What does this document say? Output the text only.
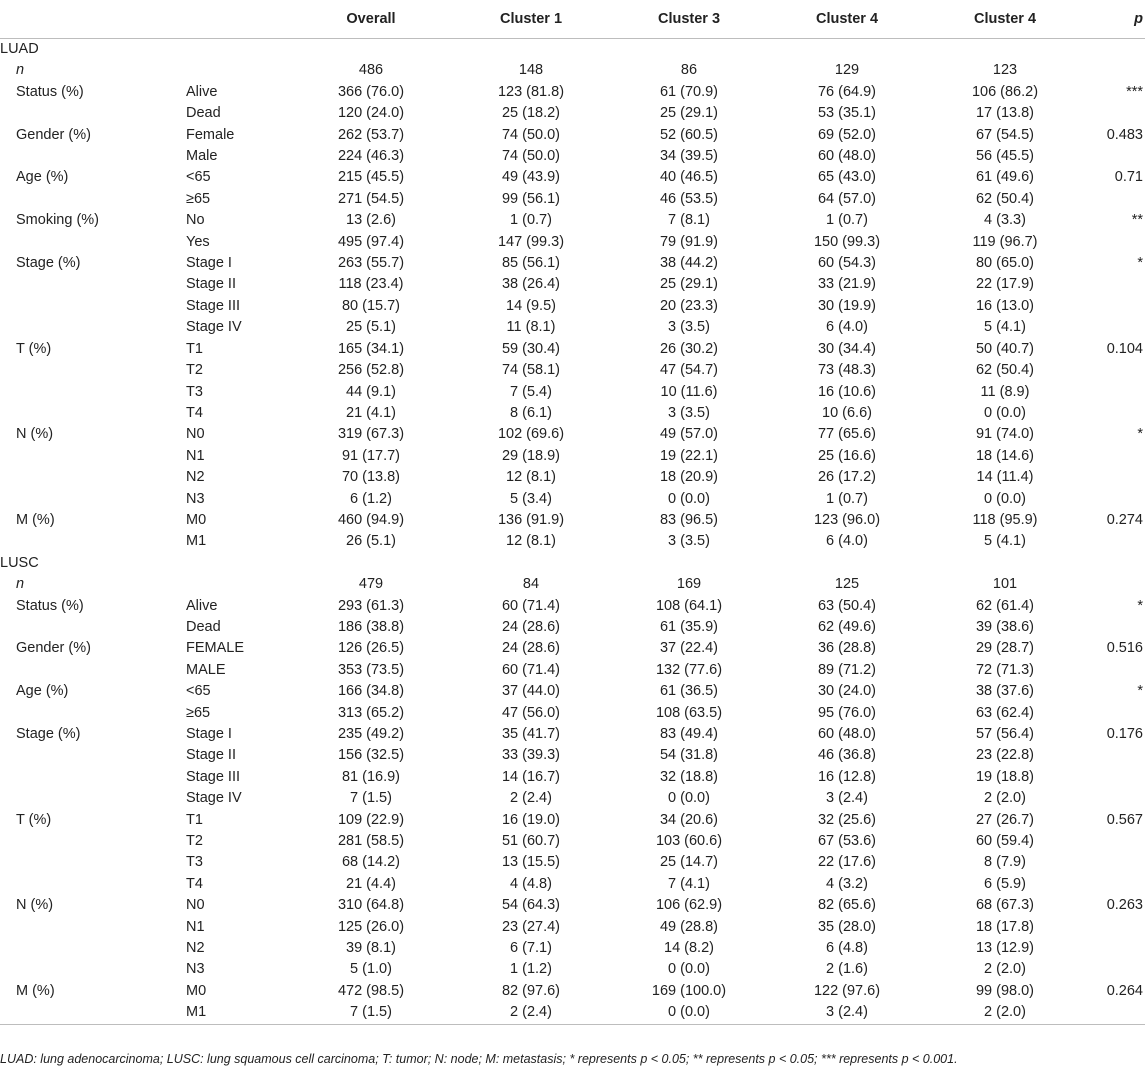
		Overall	Cluster 1	Cluster 3	Cluster 4	Cluster 4	p
LUAD							
n		486	148	86	129	123	
Status (%)	Alive	366 (76.0)	123 (81.8)	61 (70.9)	76 (64.9)	106 (86.2)	***
	Dead	120 (24.0)	25 (18.2)	25 (29.1)	53 (35.1)	17 (13.8)	
Gender (%)	Female	262 (53.7)	74 (50.0)	52 (60.5)	69 (52.0)	67 (54.5)	0.483
	Male	224 (46.3)	74 (50.0)	34 (39.5)	60 (48.0)	56 (45.5)	
Age (%)	<65	215 (45.5)	49 (43.9)	40 (46.5)	65 (43.0)	61 (49.6)	0.71
	≥65	271 (54.5)	99 (56.1)	46 (53.5)	64 (57.0)	62 (50.4)	
Smoking (%)	No	13 (2.6)	1 (0.7)	7 (8.1)	1 (0.7)	4 (3.3)	**
	Yes	495 (97.4)	147 (99.3)	79 (91.9)	150 (99.3)	119 (96.7)	
Stage (%)	Stage I	263 (55.7)	85 (56.1)	38 (44.2)	60 (54.3)	80 (65.0)	*
	Stage II	118 (23.4)	38 (26.4)	25 (29.1)	33 (21.9)	22 (17.9)	
	Stage III	80 (15.7)	14 (9.5)	20 (23.3)	30 (19.9)	16 (13.0)	
	Stage IV	25 (5.1)	11 (8.1)	3 (3.5)	6 (4.0)	5 (4.1)	
T (%)	T1	165 (34.1)	59 (30.4)	26 (30.2)	30 (34.4)	50 (40.7)	0.104
	T2	256 (52.8)	74 (58.1)	47 (54.7)	73 (48.3)	62 (50.4)	
	T3	44 (9.1)	7 (5.4)	10 (11.6)	16 (10.6)	11 (8.9)	
	T4	21 (4.1)	8 (6.1)	3 (3.5)	10 (6.6)	0 (0.0)	
N (%)	N0	319 (67.3)	102 (69.6)	49 (57.0)	77 (65.6)	91 (74.0)	*
	N1	91 (17.7)	29 (18.9)	19 (22.1)	25 (16.6)	18 (14.6)	
	N2	70 (13.8)	12 (8.1)	18 (20.9)	26 (17.2)	14 (11.4)	
	N3	6 (1.2)	5 (3.4)	0 (0.0)	1 (0.7)	0 (0.0)	
M (%)	M0	460 (94.9)	136 (91.9)	83 (96.5)	123 (96.0)	118 (95.9)	0.274
	M1	26 (5.1)	12 (8.1)	3 (3.5)	6 (4.0)	5 (4.1)	
LUSC							
n		479	84	169	125	101	
Status (%)	Alive	293 (61.3)	60 (71.4)	108 (64.1)	63 (50.4)	62 (61.4)	*
	Dead	186 (38.8)	24 (28.6)	61 (35.9)	62 (49.6)	39 (38.6)	
Gender (%)	FEMALE	126 (26.5)	24 (28.6)	37 (22.4)	36 (28.8)	29 (28.7)	0.516
	MALE	353 (73.5)	60 (71.4)	132 (77.6)	89 (71.2)	72 (71.3)	
Age (%)	<65	166 (34.8)	37 (44.0)	61 (36.5)	30 (24.0)	38 (37.6)	*
	≥65	313 (65.2)	47 (56.0)	108 (63.5)	95 (76.0)	63 (62.4)	
Stage (%)	Stage I	235 (49.2)	35 (41.7)	83 (49.4)	60 (48.0)	57 (56.4)	0.176
	Stage II	156 (32.5)	33 (39.3)	54 (31.8)	46 (36.8)	23 (22.8)	
	Stage III	81 (16.9)	14 (16.7)	32 (18.8)	16 (12.8)	19 (18.8)	
	Stage IV	7 (1.5)	2 (2.4)	0 (0.0)	3 (2.4)	2 (2.0)	
T (%)	T1	109 (22.9)	16 (19.0)	34 (20.6)	32 (25.6)	27 (26.7)	0.567
	T2	281 (58.5)	51 (60.7)	103 (60.6)	67 (53.6)	60 (59.4)	
	T3	68 (14.2)	13 (15.5)	25 (14.7)	22 (17.6)	8 (7.9)	
	T4	21 (4.4)	4 (4.8)	7 (4.1)	4 (3.2)	6 (5.9)	
N (%)	N0	310 (64.8)	54 (64.3)	106 (62.9)	82 (65.6)	68 (67.3)	0.263
	N1	125 (26.0)	23 (27.4)	49 (28.8)	35 (28.0)	18 (17.8)	
	N2	39 (8.1)	6 (7.1)	14 (8.2)	6 (4.8)	13 (12.9)	
	N3	5 (1.0)	1 (1.2)	0 (0.0)	2 (1.6)	2 (2.0)	
M (%)	M0	472 (98.5)	82 (97.6)	169 (100.0)	122 (97.6)	99 (98.0)	0.264
	M1	7 (1.5)	2 (2.4)	0 (0.0)	3 (2.4)	2 (2.0)	
LUAD: lung adenocarcinoma; LUSC: lung squamous cell carcinoma; T: tumor; N: node; M: metastasis; * represents p < 0.05; ** represents p < 0.05; *** represents p < 0.001.
